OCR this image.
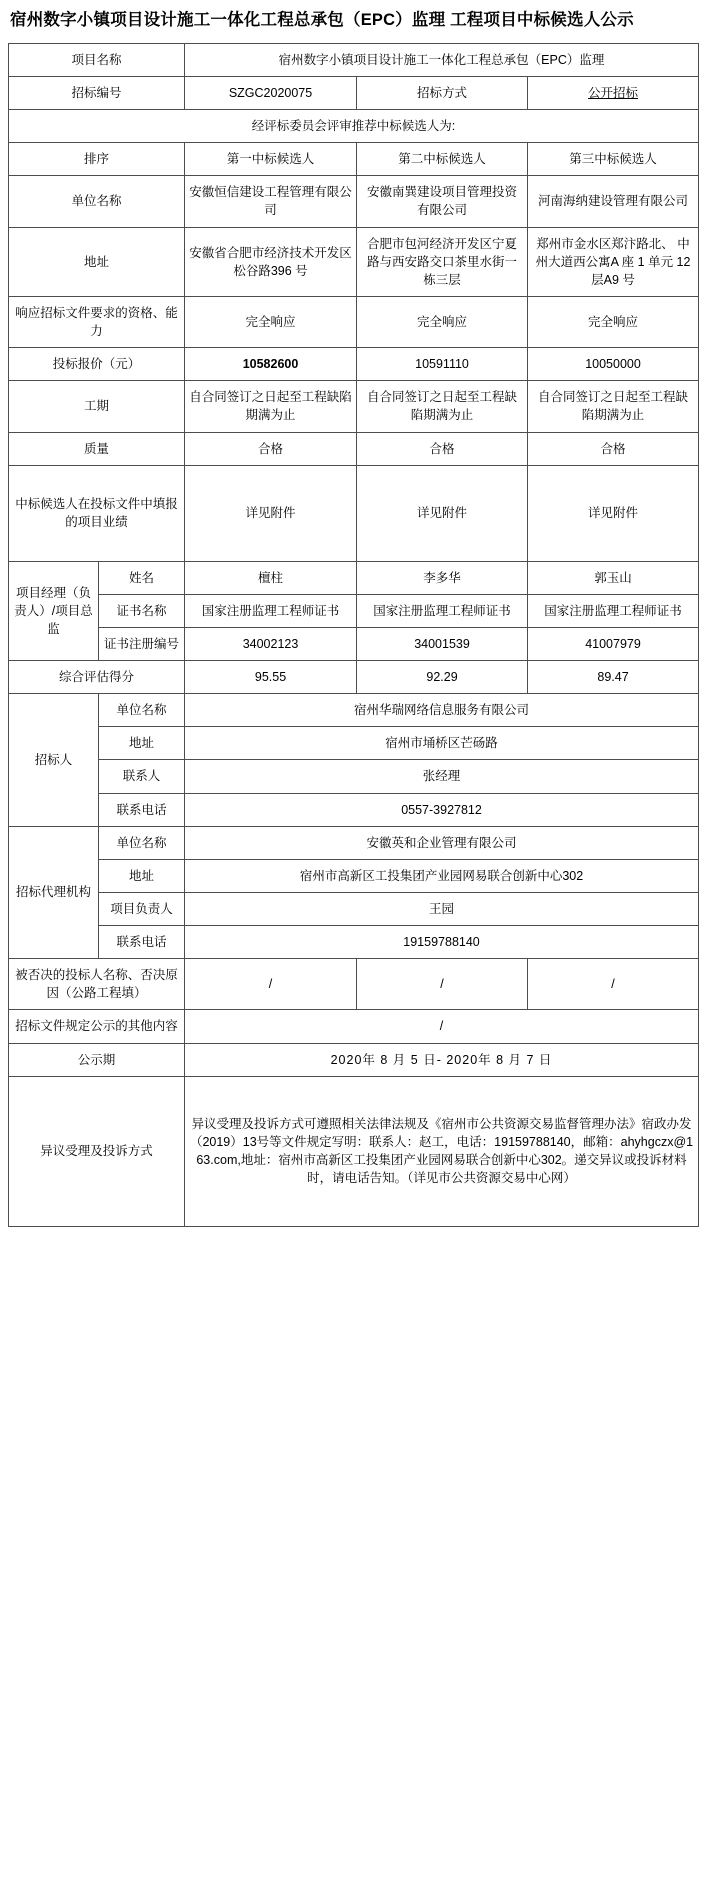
宿州数字小镇项目设计施工一体化工程总承包（EPC）监理 工程项目中标候选人公示
项目名称		宿州数字小镇项目设计施工一体化工程总承包（EPC）监理		
招标编号		SZGC2020075	招标方式	公开招标
经评标委员会评审推荐中标候选人为:				
排序		第一中标候选人	第二中标候选人	第三中标候选人
单位名称		安徽恒信建设工程管理有限公司	安徽南巽建设项目管理投资有限公司	河南海纳建设管理有限公司
地址		安徽省合肥市经济技术开发区松谷路396 号	合肥市包河经济开发区宁夏路与西安路交口茶里水街一栋三层	郑州市金水区郑汴路北、 中州大道西公寓A 座 1 单元 12 层A9 号
响应招标文件要求的资格、能力		完全响应	完全响应	完全响应
投标报价（元）		10582600	10591110	10050000
工期		自合同签订之日起至工程缺陷期满为止	自合同签订之日起至工程缺陷期满为止	自合同签订之日起至工程缺陷期满为止
质量		合格	合格	合格
中标候选人在投标文件中填报的项目业绩		详见附件	详见附件	详见附件
项目经理（负责人）/项目总监	姓名	檀柱	李多华	郭玉山
	证书名称	国家注册监理工程师证书	国家注册监理工程师证书	国家注册监理工程师证书
	证书注册编号	34002123	34001539	41007979
综合评估得分		95.55	92.29	89.47
招标人	单位名称	宿州华瑞网络信息服务有限公司		
	地址	宿州市埇桥区芒砀路		
	联系人	张经理		
	联系电话	0557-3927812		
招标代理机构	单位名称	安徽英和企业管理有限公司		
	地址	宿州市高新区工投集团产业园网易联合创新中心302		
	项目负责人	王园		
	联系电话	19159788140		
被否决的投标人名称、否决原因（公路工程填）		/	/	/
招标文件规定公示的其他内容		/		
公示期		2020年 8 月 5 日- 2020年 8 月 7 日		
异议受理及投诉方式		异议受理及投诉方式可遵照相关法律法规及《宿州市公共资源交易监督管理办法》宿政办发（2019）13号等文件规定写明：联系人：赵工，电话：19159788140，邮箱：ahyhgczx@163.com,地址：宿州市高新区工投集团产业园网易联合创新中心302。递交异议或投诉材料时，请电话告知。（详见市公共资源交易中心网）		
